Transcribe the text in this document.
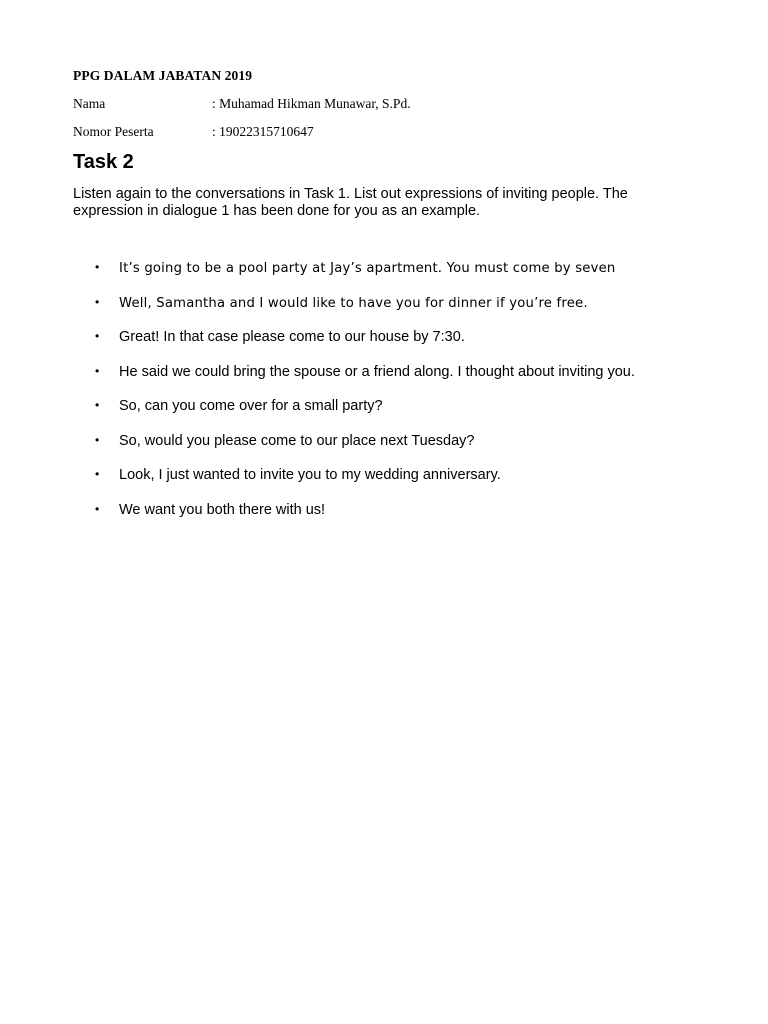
PPG DALAM JABATAN 2019
Nama	: Muhamad Hikman Munawar, S.Pd.
Nomor Peserta	: 19022315710647
Task 2
Listen again to the conversations in Task 1. List out expressions of inviting people. The expression in dialogue 1 has been done for you as an example.
• It’s going to be a pool party at Jay’s apartment. You must come by seven
• Well, Samantha and I would like to have you for dinner if you’re free.
• Great! In that case please come to our house by 7:30.
• He said we could bring the spouse or a friend along. I thought about inviting you.
• So, can you come over for a small party?
• So, would you please come to our place next Tuesday?
• Look, I just wanted to invite you to my wedding anniversary.
• We want you both there with us!
